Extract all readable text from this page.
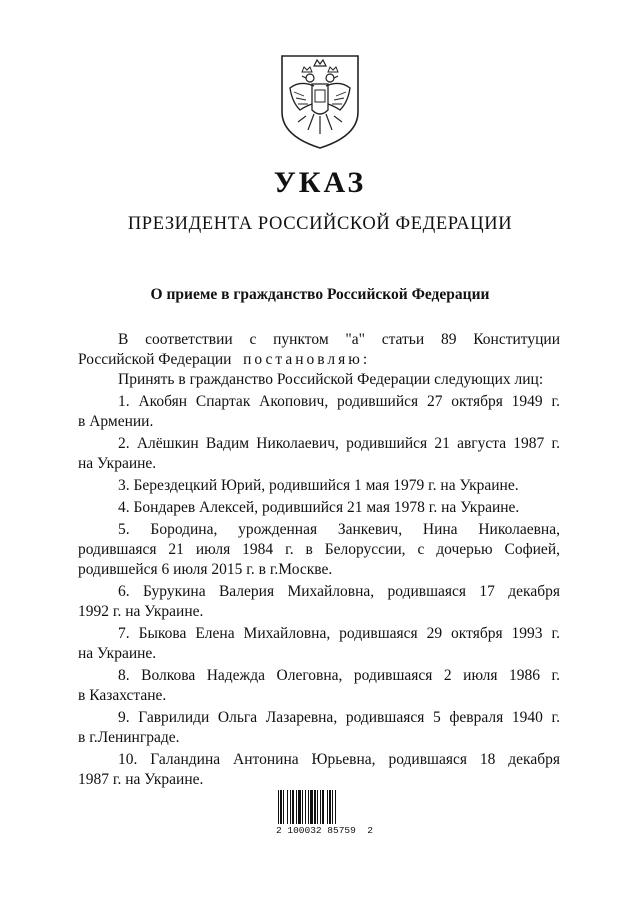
УКАЗ
ПРЕЗИДЕНТА РОССИЙСКОЙ ФЕДЕРАЦИИ
О приеме в гражданство Российской Федерации

В соответствии с пунктом "а" статьи 89 Конституции

Российской Федерации постановляю:

Принять в гражданство Российской Федерации следующих лиц:

1. Акобян Спартак Акопович, родившийся 27 октября 1949 г.

в Армении.

2. Алёшкин Вадим Николаевич, родившийся 21 августа 1987 г.

на Украине.

3. Берездецкий Юрий, родившийся 1 мая 1979 г. на Украине.

4. Бондарев Алексей, родившийся 21 мая 1978 г. на Украине.

5. Бородина, урожденная Занкевич, Нина Николаевна,

родившаяся 21 июля 1984 г. в Белоруссии, с дочерью Софией,

родившейся 6 июля 2015 г. в г.Москве.

6. Бурукина Валерия Михайловна, родившаяся 17 декабря

1992 г. на Украине.

7. Быкова Елена Михайловна, родившаяся 29 октября 1993 г.

на Украине.

8. Волкова Надежда Олеговна, родившаяся 2 июля 1986 г.

в Казахстане.

9. Гаврилиди Ольга Лазаревна, родившаяся 5 февраля 1940 г.

в г.Ленинграде.

10. Галандина Антонина Юрьевна, родившаяся 18 декабря

1987 г. на Украине.

2 100032 85759  2
